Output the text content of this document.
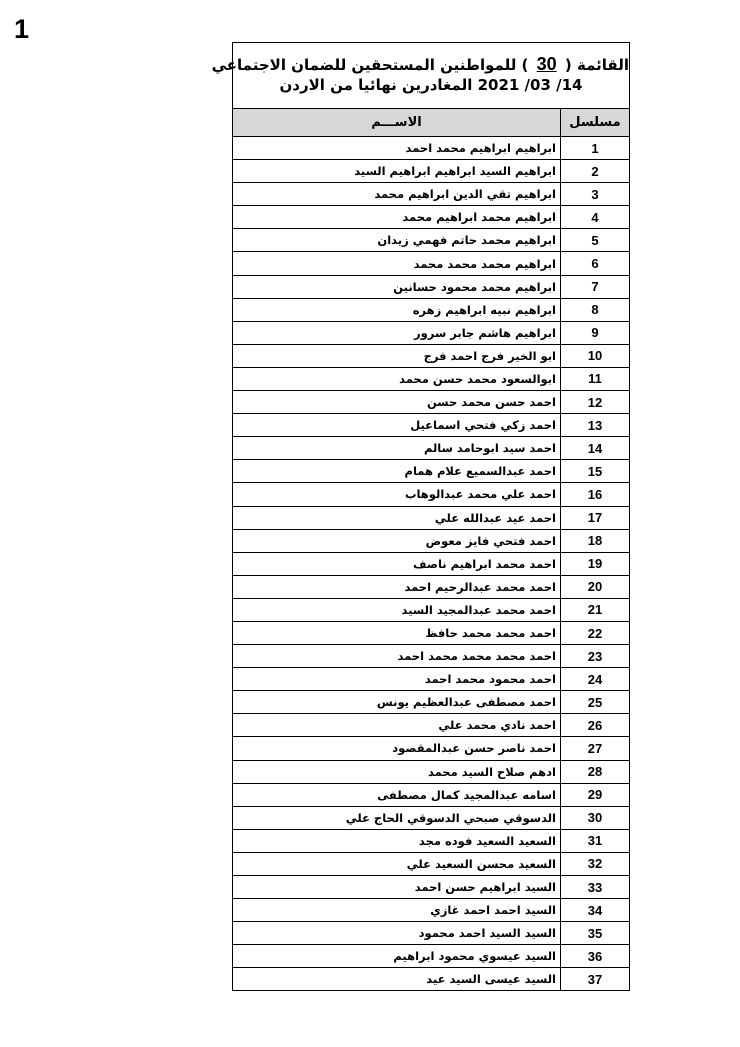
1
القائمة ( 30 ) للمواطنين المستحقين للضمان الاجتماعي
14/ 03/ 2021 المغادرين نهائيا من الاردن
مسلسل
الاســـم
1
ابراهيم ابراهيم محمد احمد
2
ابراهيم السيد ابراهيم ابراهيم السيد
3
ابراهيم تقي الدين ابراهيم محمد
4
ابراهيم محمد ابراهيم محمد
5
ابراهيم محمد حاتم فهمي زيدان
6
ابراهيم محمد محمد محمد
7
ابراهيم محمد محمود حسانين
8
ابراهيم نبيه ابراهيم زهره
9
ابراهيم هاشم جابر سرور
10
ابو الخير فرج احمد فرج
11
ابوالسعود محمد حسن محمد
12
احمد حسن محمد حسن
13
احمد زكي فتحي اسماعيل
14
احمد سيد ابوحامد سالم
15
احمد عبدالسميع علام همام
16
احمد علي محمد عبدالوهاب
17
احمد عيد عبدالله علي
18
احمد فتحي فايز معوض
19
احمد محمد ابراهيم ناصف
20
احمد محمد عبدالرحيم احمد
21
احمد محمد عبدالمجيد السيد
22
احمد محمد محمد حافظ
23
احمد محمد محمد محمد احمد
24
احمد محمود محمد احمد
25
احمد مصطفى عبدالعظيم يونس
26
احمد نادي محمد علي
27
احمد ناصر حسن عبدالمقصود
28
ادهم صلاح السيد محمد
29
اسامه عبدالمجيد كمال مصطفى
30
الدسوقي صبحي الدسوقي الحاج علي
31
السعيد السعيد فوده مجد
32
السعيد محسن السعيد علي
33
السيد ابراهيم حسن احمد
34
السيد احمد احمد غازي
35
السيد السيد احمد محمود
36
السيد عيسوي محمود ابراهيم
37
السيد عيسى السيد عيد
